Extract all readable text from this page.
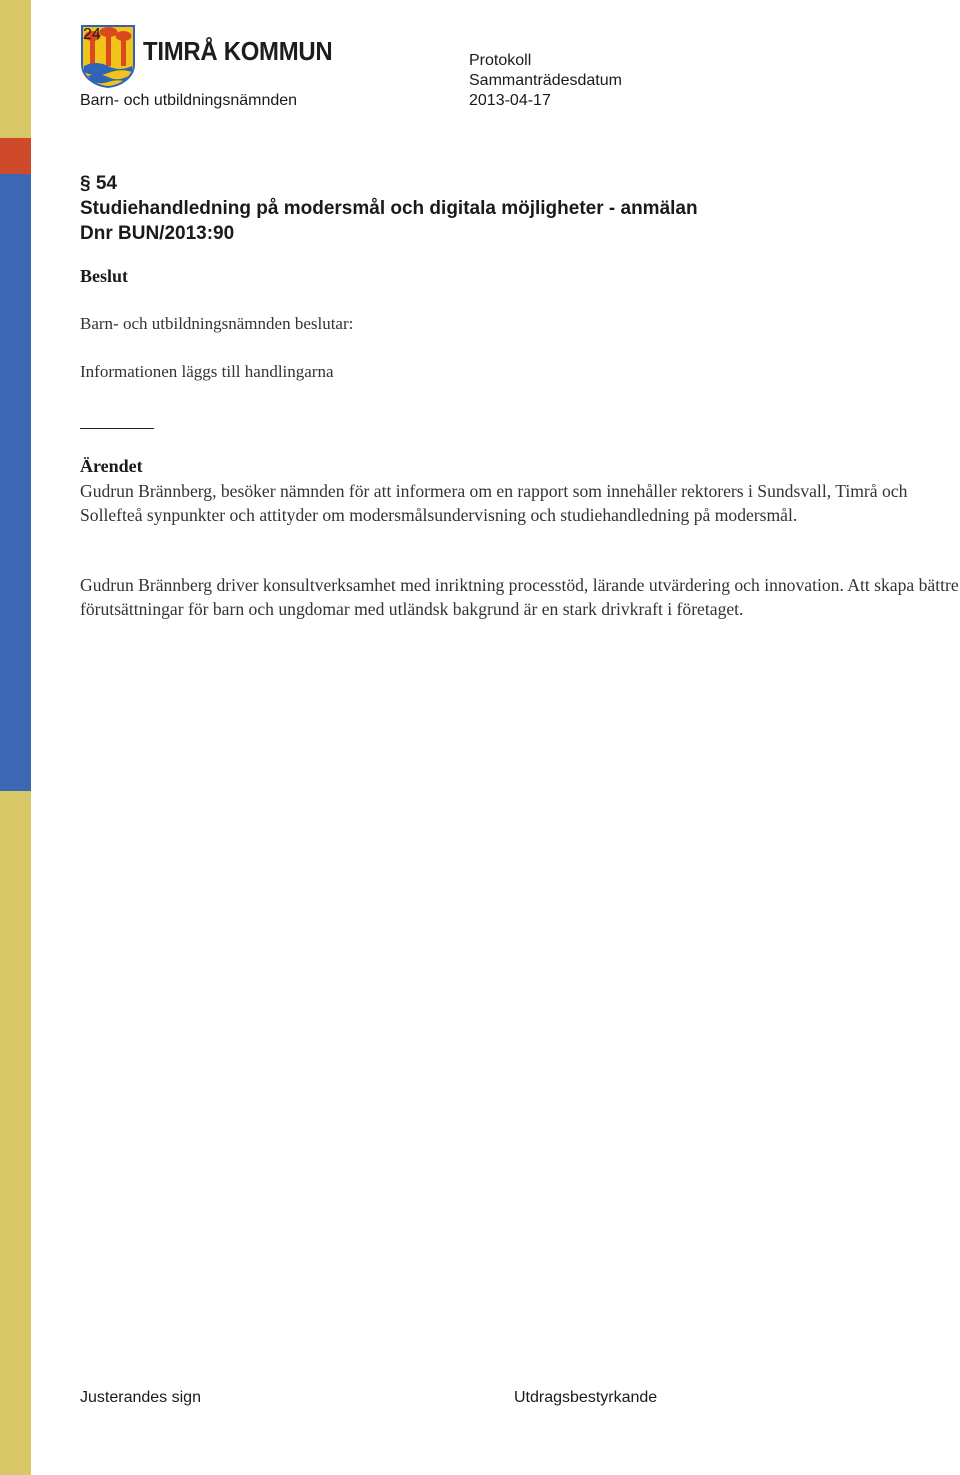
24
TIMRÅ KOMMUN
Barn- och utbildningsnämnden
Protokoll
Sammanträdesdatum
2013-04-17
§ 54
Studiehandledning på modersmål och digitala möjligheter - anmälan
Dnr BUN/2013:90
Beslut
Barn- och utbildningsnämnden beslutar:
Informationen läggs till handlingarna
Ärendet
Gudrun Brännberg, besöker nämnden för att informera om en rapport som innehåller rektorers i Sundsvall, Timrå och Sollefteå synpunkter och attityder om modersmålsundervisning och studiehandledning på modersmål.
Gudrun Brännberg driver konsultverksamhet med inriktning processtöd, lärande utvärdering och innovation. Att skapa bättre förutsättningar för barn och ungdomar med utländsk bakgrund är en stark drivkraft i företaget.
Justerandes sign	Utdragsbestyrkande
